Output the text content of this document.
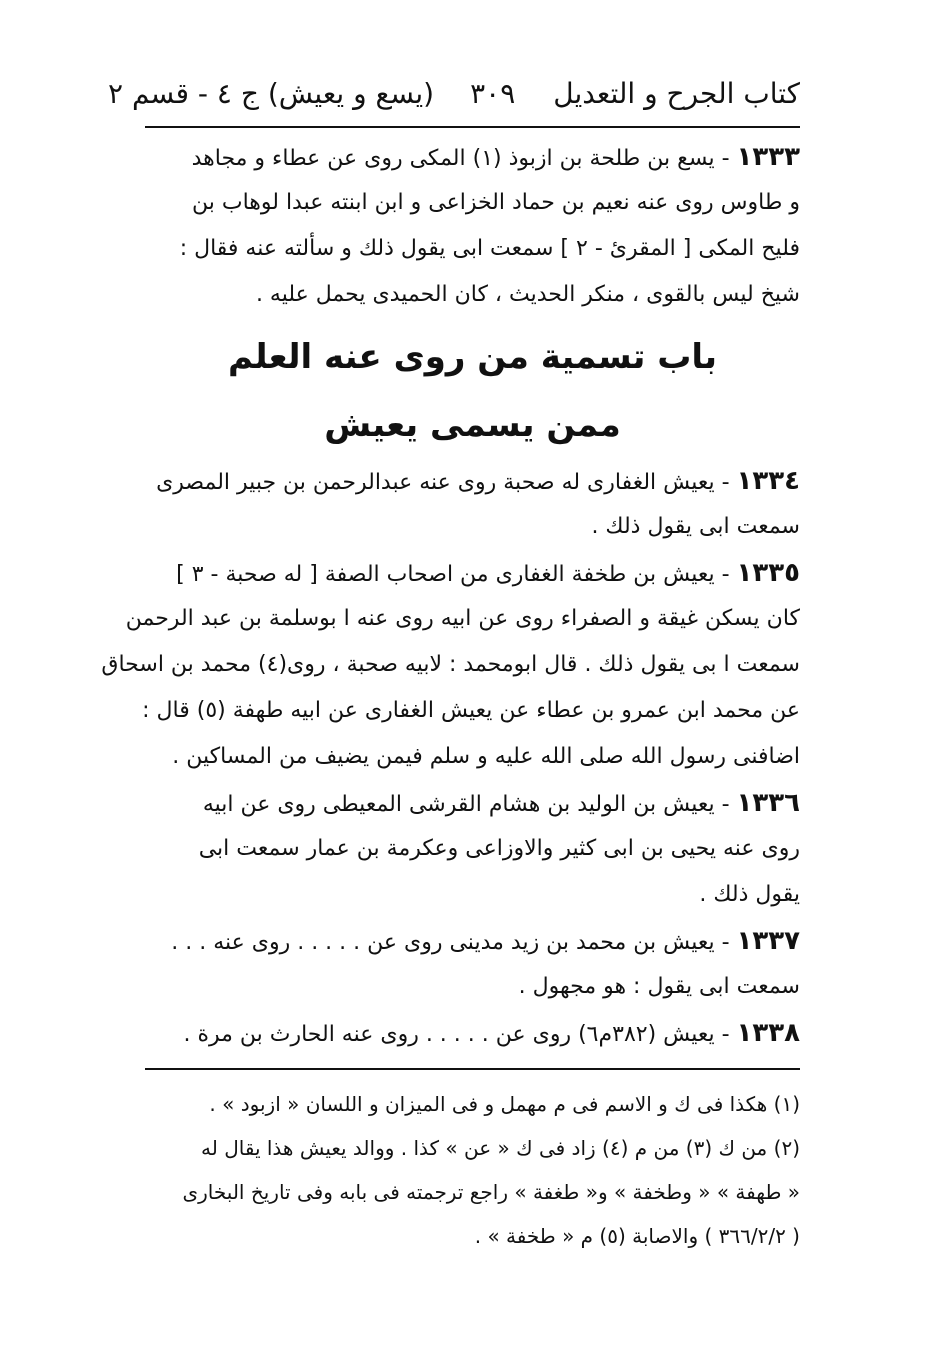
كتاب الجرح و التعديل
٣٠٩
(يسع و يعيش) ج ٤ - قسم ٢
١٣٣٣ - يسع بن طلحة بن ازبوذ (١) المكى روى عن عطاء و مجاهد
و طاوس روى عنه نعيم بن حماد الخزاعى و ابن ابنته عبدا لوهاب بن
فليح المكى [ المقرئ - ٢ ] سمعت ابى يقول ذلك و سألته عنه فقال :
شيخ ليس بالقوى ، منكر الحديث ، كان الحميدى يحمل عليه .
باب تسمية من روى عنه العلم
ممن يسمى يعيش
١٣٣٤ - يعيش الغفارى له صحبة روى عنه عبدالرحمن بن جبير المصرى
سمعت ابى يقول ذلك .
١٣٣٥ - يعيش بن طخفة الغفارى من اصحاب الصفة [ له صحبة - ٣ ]
كان يسكن غيقة و الصفراء روى عن ابيه روى عنه ا بوسلمة بن عبد الرحمن
سمعت ا بى يقول ذلك . قال ابومحمد : لابيه صحبة ، روى(٤) محمد بن اسحاق
عن محمد ابن عمرو بن عطاء عن يعيش الغفارى عن ابيه طهفة (٥) قال :
اضافنى رسول الله صلى الله عليه و سلم فيمن يضيف من المساكين .
١٣٣٦ - يعيش بن الوليد بن هشام القرشى المعيطى روى عن ابيه
روى عنه يحيى بن ابى كثير والاوزاعى وعكرمة بن عمار سمعت ابى
يقول ذلك .
١٣٣٧ - يعيش بن محمد بن زيد مدينى روى عن . . . . . روى عنه . . .
سمعت ابى يقول : هو مجهول .
١٣٣٨ - يعيش (٣٨٢م٦) روى عن . . . . . روى عنه الحارث بن مرة .
(١) هكذا فى ك و الاسم فى م مهمل و فى الميزان و اللسان « ازبود » .
(٢) من ك (٣) من م (٤) زاد فى ك « عن » كذا . ووالد يعيش هذا يقال له
« طهفة » « وطخفة » و« طغفة » راجع ترجمته فى بابه وفى تاريخ البخارى
( ٣٦٦/٢/٢ ) والاصابة (٥) م « طخفة » .
